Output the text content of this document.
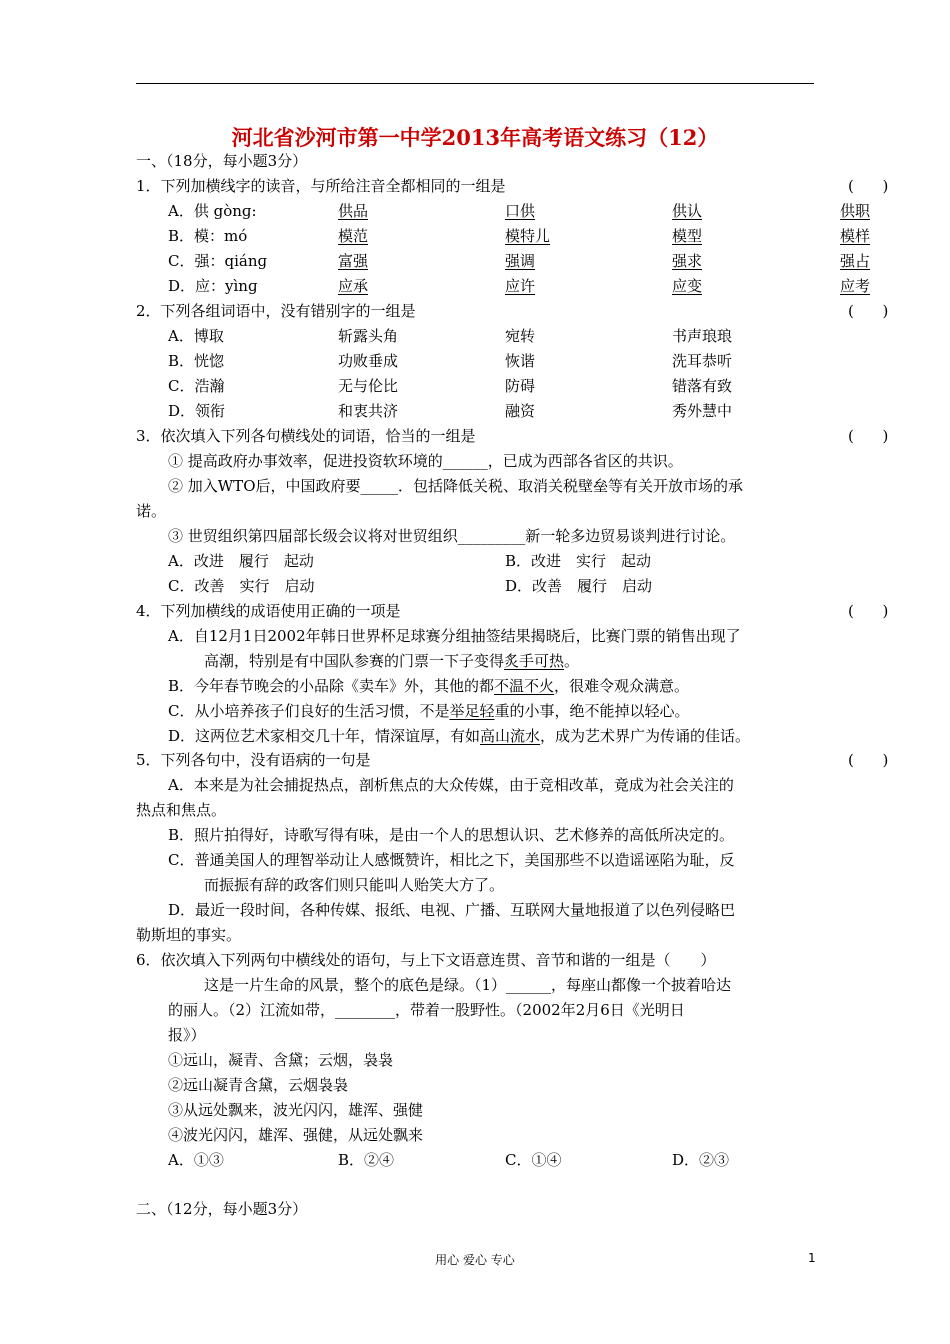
河北省沙河市第一中学2013年高考语文练习（12）
一、（18分，每小题3分）
1．下列加横线字的读音，与所给注音全都相同的一组是	(      )
A．供 gònɡ:	供品	口供	供认	供职
B．模：mó	模范	模特儿	模型	模样
C．强：qiánɡ	富强	强调	强求	强占
D．应：yìnɡ	应承	应许	应变	应考
2．下列各组词语中，没有错别字的一组是	(      )
A．博取	斩露头角	宛转	书声琅琅
B．恍惚	功败垂成	恢谐	洗耳恭听
C．浩瀚	无与伦比	防碍	错落有致
D．领衔	和衷共济	融资	秀外慧中
3．依次填入下列各句横线处的词语，恰当的一组是	(      )
① 提高政府办事效率，促进投资软环境的______，已成为西部各省区的共识。
② 加入WTO后，中国政府要_____．包括降低关税、取消关税壁垒等有关开放市场的承
诺。
③ 世贸组织第四届部长级会议将对世贸组织_________新一轮多边贸易谈判进行讨论。
A．改进　履行　起动	B．改进　实行　起动
C．改善　实行　启动	D．改善　履行　启动
4．下列加横线的成语使用正确的一项是	(      )
A．自12月1日2002年韩日世界杯足球赛分组抽签结果揭晓后，比赛门票的销售出现了
高潮，特别是有中国队参赛的门票一下子变得炙手可热。
B．今年春节晚会的小品除《卖车》外，其他的都不温不火，很难令观众满意。
C．从小培养孩子们良好的生活习惯，不是举足轻重的小事，绝不能掉以轻心。
D．这两位艺术家相交几十年，情深谊厚，有如高山流水，成为艺术界广为传诵的佳话。
5．下列各句中，没有语病的一句是	(      )
A．本来是为社会捕捉热点，剖析焦点的大众传媒，由于竞相改革，竟成为社会关注的
热点和焦点。
B．照片拍得好，诗歌写得有味，是由一个人的思想认识、艺术修养的高低所决定的。
C．普通美国人的理智举动让人感慨赞许，相比之下，美国那些不以造谣诬陷为耻，反
而振振有辞的政客们则只能叫人贻笑大方了。
D．最近一段时间，各种传媒、报纸、电视、广播、互联网大量地报道了以色列侵略巴
勒斯坦的事实。
6．依次填入下列两句中横线处的语句，与上下文语意连贯、音节和谐的一组是（　　）
这是一片生命的风景，整个的底色是绿。（1）______，每座山都像一个披着哈达
的丽人。（2）江流如带，________，带着一股野性。（2002年2月6日《光明日
报》）
①远山，凝青、含黛；云烟，袅袅
②远山凝青含黛，云烟袅袅
③从远处飘来，波光闪闪，雄浑、强健
④波光闪闪，雄浑、强健，从远处飘来
A．①③	B．②④	C．①④	D．②③
二、（12分，每小题3分）
用心 爱心 专心	1
